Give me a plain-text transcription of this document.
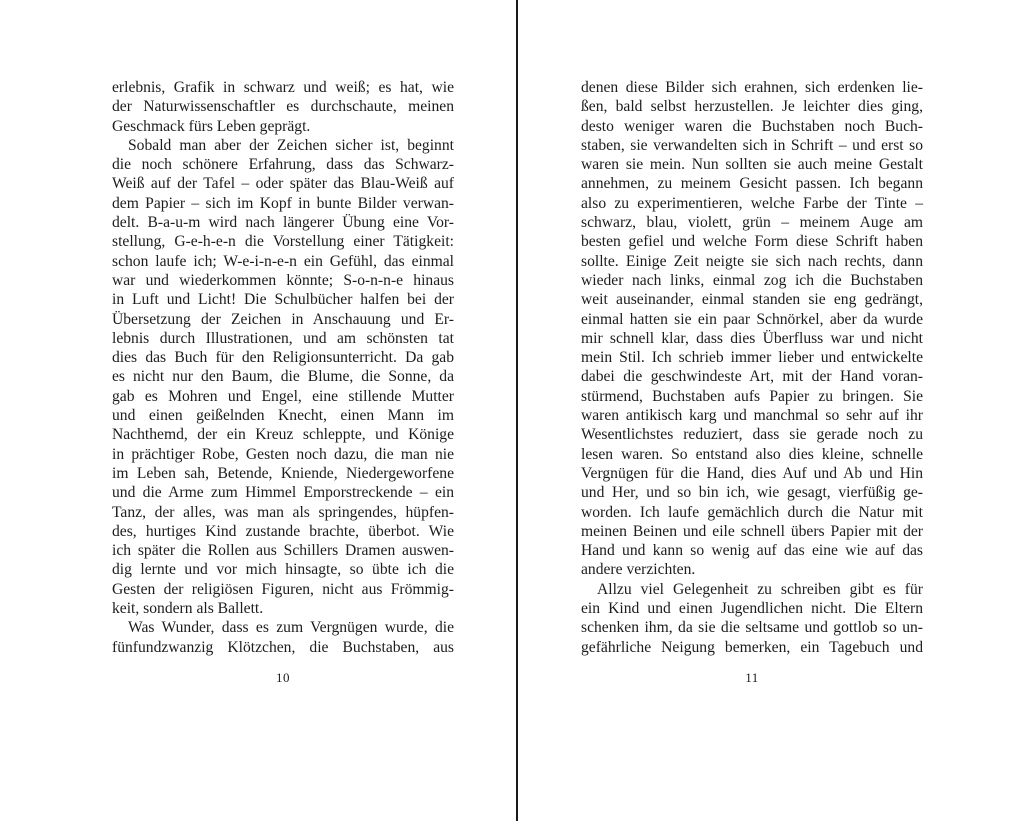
erlebnis, Grafik in schwarz und weiß; es hat, wie
der Naturwissenschaftler es durchschaute, meinen
Geschmack fürs Leben geprägt.
Sobald man aber der Zeichen sicher ist, beginnt
die noch schönere Erfahrung, dass das Schwarz-
Weiß auf der Tafel – oder später das Blau-Weiß auf
dem Papier – sich im Kopf in bunte Bilder verwan-
delt. B-a-u-m wird nach längerer Übung eine Vor-
stellung, G-e-h-e-n die Vorstellung einer Tätigkeit:
schon laufe ich; W-e-i-n-e-n ein Gefühl, das einmal
war und wiederkommen könnte; S-o-n-n-e hinaus
in Luft und Licht! Die Schulbücher halfen bei der
Übersetzung der Zeichen in Anschauung und Er-
lebnis durch Illustrationen, und am schönsten tat
dies das Buch für den Religionsunterricht. Da gab
es nicht nur den Baum, die Blume, die Sonne, da
gab es Mohren und Engel, eine stillende Mutter
und einen geißelnden Knecht, einen Mann im
Nachthemd, der ein Kreuz schleppte, und Könige
in prächtiger Robe, Gesten noch dazu, die man nie
im Leben sah, Betende, Kniende, Niedergeworfene
und die Arme zum Himmel Emporstreckende – ein
Tanz, der alles, was man als springendes, hüpfen-
des, hurtiges Kind zustande brachte, überbot. Wie
ich später die Rollen aus Schillers Dramen auswen-
dig lernte und vor mich hinsagte, so übte ich die
Gesten der religiösen Figuren, nicht aus Frömmig-
keit, sondern als Ballett.
Was Wunder, dass es zum Vergnügen wurde, die
fünfundzwanzig Klötzchen, die Buchstaben, aus
10
denen diese Bilder sich erahnen, sich erdenken lie-
ßen, bald selbst herzustellen. Je leichter dies ging,
desto weniger waren die Buchstaben noch Buch-
staben, sie verwandelten sich in Schrift – und erst so
waren sie mein. Nun sollten sie auch meine Gestalt
annehmen, zu meinem Gesicht passen. Ich begann
also zu experimentieren, welche Farbe der Tinte –
schwarz, blau, violett, grün – meinem Auge am
besten gefiel und welche Form diese Schrift haben
sollte. Einige Zeit neigte sie sich nach rechts, dann
wieder nach links, einmal zog ich die Buchstaben
weit auseinander, einmal standen sie eng gedrängt,
einmal hatten sie ein paar Schnörkel, aber da wurde
mir schnell klar, dass dies Überfluss war und nicht
mein Stil. Ich schrieb immer lieber und entwickelte
dabei die geschwindeste Art, mit der Hand voran-
stürmend, Buchstaben aufs Papier zu bringen. Sie
waren antikisch karg und manchmal so sehr auf ihr
Wesentlichstes reduziert, dass sie gerade noch zu
lesen waren. So entstand also dies kleine, schnelle
Vergnügen für die Hand, dies Auf und Ab und Hin
und Her, und so bin ich, wie gesagt, vierfüßig ge-
worden. Ich laufe gemächlich durch die Natur mit
meinen Beinen und eile schnell übers Papier mit der
Hand und kann so wenig auf das eine wie auf das
andere verzichten.
Allzu viel Gelegenheit zu schreiben gibt es für
ein Kind und einen Jugendlichen nicht. Die Eltern
schenken ihm, da sie die seltsame und gottlob so un-
gefährliche Neigung bemerken, ein Tagebuch und
11
